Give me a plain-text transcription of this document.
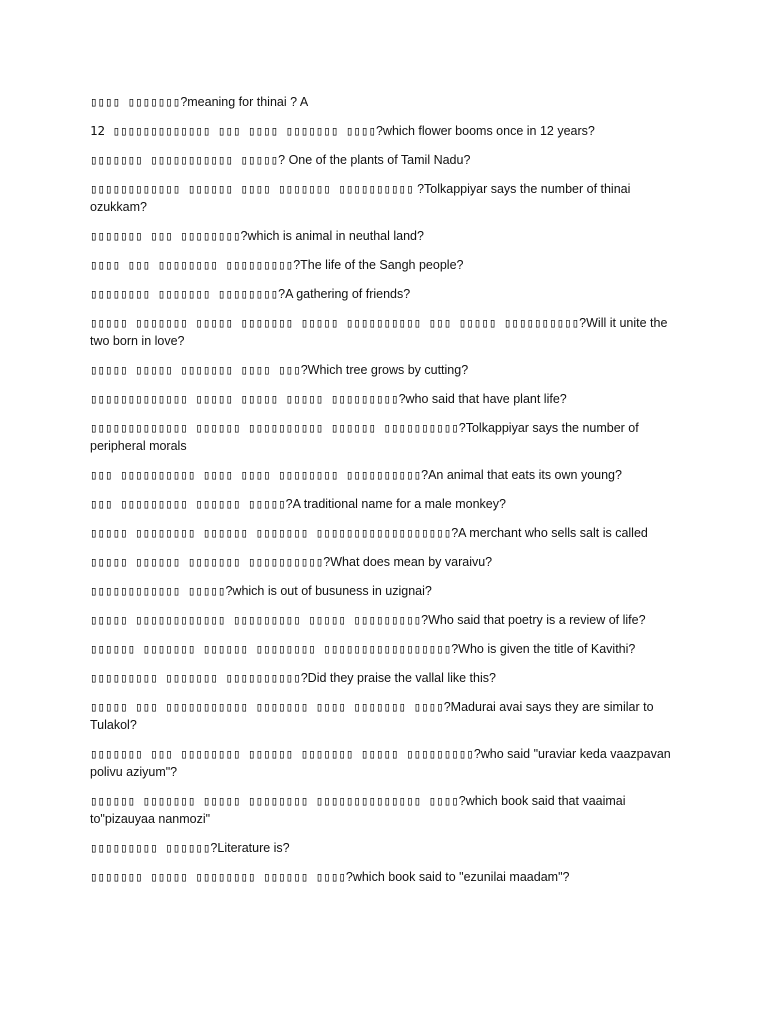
▯▯▯▯ ▯▯▯▯▯▯▯?meaning for thinai ? A

12 ▯▯▯▯▯▯▯▯▯▯▯▯▯ ▯▯▯ ▯▯▯▯ ▯▯▯▯▯▯▯ ▯▯▯▯?which flower booms once in 12 years?

▯▯▯▯▯▯▯ ▯▯▯▯▯▯▯▯▯▯▯ ▯▯▯▯▯? One of the plants of Tamil Nadu?

▯▯▯▯▯▯▯▯▯▯▯▯ ▯▯▯▯▯▯ ▯▯▯▯ ▯▯▯▯▯▯▯ ▯▯▯▯▯▯▯▯▯▯ ?Tolkappiyar says the number of thinai ozukkam?

▯▯▯▯▯▯▯ ▯▯▯ ▯▯▯▯▯▯▯▯?which is animal in neuthal land?

▯▯▯▯ ▯▯▯ ▯▯▯▯▯▯▯▯ ▯▯▯▯▯▯▯▯▯?The life of the Sangh people?

▯▯▯▯▯▯▯▯ ▯▯▯▯▯▯▯ ▯▯▯▯▯▯▯▯?A gathering of friends?

▯▯▯▯▯ ▯▯▯▯▯▯▯ ▯▯▯▯▯ ▯▯▯▯▯▯▯ ▯▯▯▯▯ ▯▯▯▯▯▯▯▯▯▯ ▯▯▯ ▯▯▯▯▯ ▯▯▯▯▯▯▯▯▯▯?Will it unite the two born in love?

▯▯▯▯▯ ▯▯▯▯▯ ▯▯▯▯▯▯▯ ▯▯▯▯ ▯▯▯?Which tree grows by cutting?

▯▯▯▯▯▯▯▯▯▯▯▯▯ ▯▯▯▯▯ ▯▯▯▯▯ ▯▯▯▯▯ ▯▯▯▯▯▯▯▯▯?who said that have plant life?

▯▯▯▯▯▯▯▯▯▯▯▯▯ ▯▯▯▯▯▯ ▯▯▯▯▯▯▯▯▯▯ ▯▯▯▯▯▯ ▯▯▯▯▯▯▯▯▯▯?Tolkappiyar says the number of peripheral morals

▯▯▯ ▯▯▯▯▯▯▯▯▯▯ ▯▯▯▯ ▯▯▯▯ ▯▯▯▯▯▯▯▯ ▯▯▯▯▯▯▯▯▯▯?An animal that eats its own young?

▯▯▯ ▯▯▯▯▯▯▯▯▯ ▯▯▯▯▯▯ ▯▯▯▯▯?A traditional name for a male monkey?

▯▯▯▯▯ ▯▯▯▯▯▯▯▯ ▯▯▯▯▯▯ ▯▯▯▯▯▯▯ ▯▯▯▯▯▯▯▯▯▯▯▯▯▯▯▯▯▯?A merchant who sells salt is called

▯▯▯▯▯ ▯▯▯▯▯▯ ▯▯▯▯▯▯▯ ▯▯▯▯▯▯▯▯▯▯?What does mean by varaivu?

▯▯▯▯▯▯▯▯▯▯▯▯ ▯▯▯▯▯?which is out of busuness in uzignai?

▯▯▯▯▯ ▯▯▯▯▯▯▯▯▯▯▯▯ ▯▯▯▯▯▯▯▯▯ ▯▯▯▯▯ ▯▯▯▯▯▯▯▯▯?Who said that poetry is a review of life?

▯▯▯▯▯▯ ▯▯▯▯▯▯▯ ▯▯▯▯▯▯ ▯▯▯▯▯▯▯▯ ▯▯▯▯▯▯▯▯▯▯▯▯▯▯▯▯▯?Who is given the title of Kavithi?

▯▯▯▯▯▯▯▯▯ ▯▯▯▯▯▯▯ ▯▯▯▯▯▯▯▯▯▯?Did they praise the vallal like this?

▯▯▯▯▯ ▯▯▯ ▯▯▯▯▯▯▯▯▯▯▯ ▯▯▯▯▯▯▯ ▯▯▯▯ ▯▯▯▯▯▯▯ ▯▯▯▯?Madurai avai says they are similar to Tulakol?

▯▯▯▯▯▯▯ ▯▯▯ ▯▯▯▯▯▯▯▯ ▯▯▯▯▯▯ ▯▯▯▯▯▯▯ ▯▯▯▯▯ ▯▯▯▯▯▯▯▯▯?who said "uraviar keda vaazpavan polivu aziyum"?

▯▯▯▯▯▯ ▯▯▯▯▯▯▯ ▯▯▯▯▯ ▯▯▯▯▯▯▯▯ ▯▯▯▯▯▯▯▯▯▯▯▯▯▯ ▯▯▯▯?which book said that vaaimai to"pizauyaa nanmozi"

▯▯▯▯▯▯▯▯▯ ▯▯▯▯▯▯?Literature is?

▯▯▯▯▯▯▯ ▯▯▯▯▯ ▯▯▯▯▯▯▯▯ ▯▯▯▯▯▯ ▯▯▯▯?which book said to "ezunilai maadam"?
